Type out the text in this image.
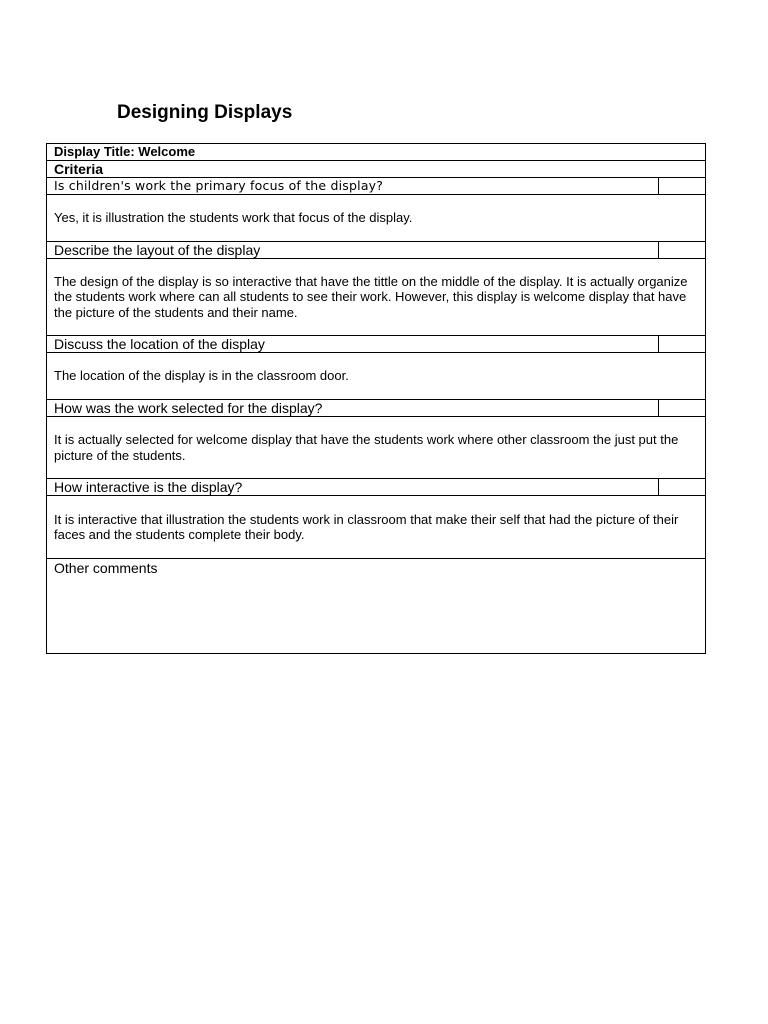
Designing Displays
Display Title: Welcome
Criteria
Is children's work the primary focus of the display?
Yes, it is illustration the students work that focus of the display.
Describe the layout of the display
The design of the display is so interactive that have the tittle on the middle of the display. It is actually organize the students work where can all students to see their work. However, this display is welcome display that have the picture of the students and their name.
Discuss the location of the display
The location of the display is in the classroom door.
How was the work selected for the display?
It is actually selected for welcome display that have the students work where other classroom the just put the picture of the students.
How interactive is the display?
It is interactive that illustration the students work in classroom that make their self that had the picture of their faces and the students complete their body.
Other comments
